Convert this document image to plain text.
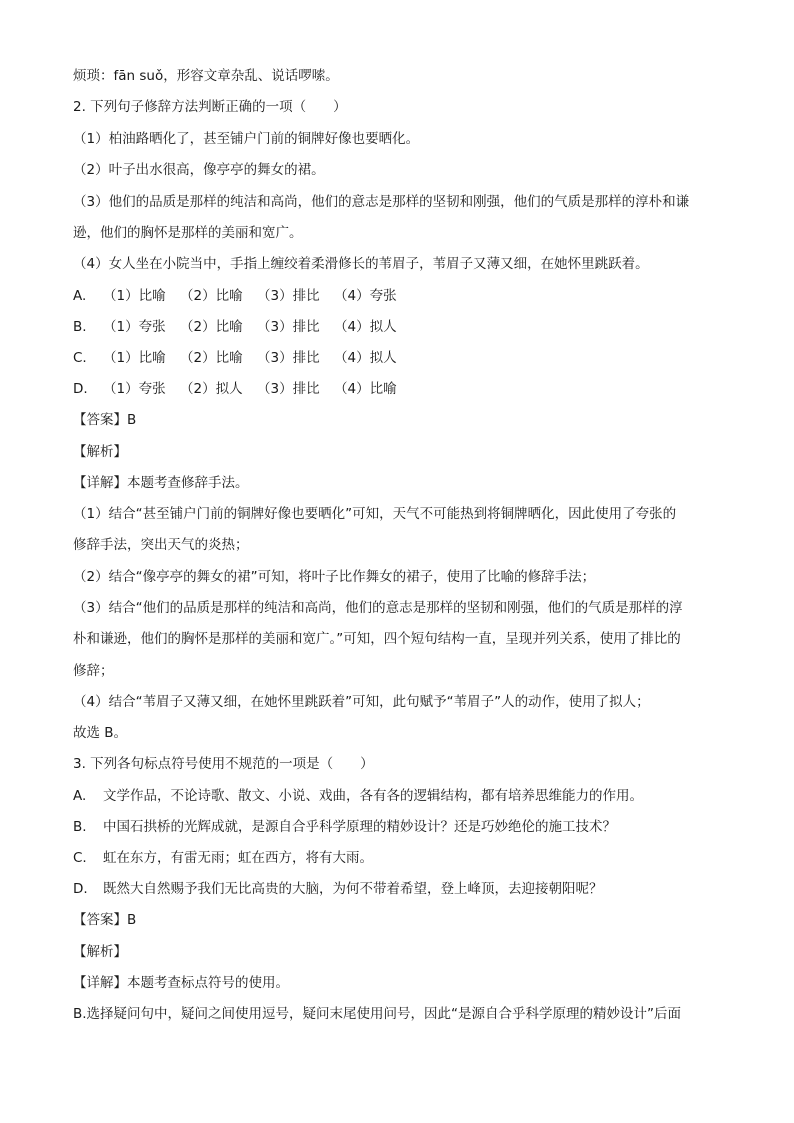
烦琐：fān suǒ，形容文章杂乱、说话啰嗦。
2. 下列句子修辞方法判断正确的一项（　　）
（1）柏油路晒化了，甚至铺户门前的铜牌好像也要晒化。
（2）叶子出水很高，像亭亭的舞女的裙。
（3）他们的品质是那样的纯洁和高尚，他们的意志是那样的坚韧和刚强，他们的气质是那样的淳朴和谦
逊，他们的胸怀是那样的美丽和宽广。
（4）女人坐在小院当中，手指上缠绞着柔滑修长的苇眉子，苇眉子又薄又细，在她怀里跳跃着。
A. （1）比喻 （2）比喻 （3）排比 （4）夸张
B. （1）夸张 （2）比喻 （3）排比 （4）拟人
C. （1）比喻 （2）比喻 （3）排比 （4）拟人
D. （1）夸张 （2）拟人 （3）排比 （4）比喻
【答案】B
【解析】
【详解】本题考查修辞手法。
（1）结合“甚至铺户门前的铜牌好像也要晒化”可知，天气不可能热到将铜牌晒化，因此使用了夸张的
修辞手法，突出天气的炎热；
（2）结合“像亭亭的舞女的裙”可知，将叶子比作舞女的裙子，使用了比喻的修辞手法；
（3）结合“他们的品质是那样的纯洁和高尚，他们的意志是那样的坚韧和刚强，他们的气质是那样的淳
朴和谦逊，他们的胸怀是那样的美丽和宽广。”可知，四个短句结构一直，呈现并列关系，使用了排比的
修辞；
（4）结合“苇眉子又薄又细，在她怀里跳跃着”可知，此句赋予“苇眉子”人的动作，使用了拟人；
故选 B。
3. 下列各句标点符号使用不规范的一项是（　　）
A. 文学作品，不论诗歌、散文、小说、戏曲，各有各的逻辑结构，都有培养思维能力的作用。
B. 中国石拱桥的光辉成就，是源自合乎科学原理的精妙设计？还是巧妙绝伦的施工技术？
C. 虹在东方，有雷无雨；虹在西方，将有大雨。
D. 既然大自然赐予我们无比高贵的大脑，为何不带着希望，登上峰顶，去迎接朝阳呢？
【答案】B
【解析】
【详解】本题考查标点符号的使用。
B.选择疑问句中，疑问之间使用逗号，疑问末尾使用问号，因此“是源自合乎科学原理的精妙设计”后面
